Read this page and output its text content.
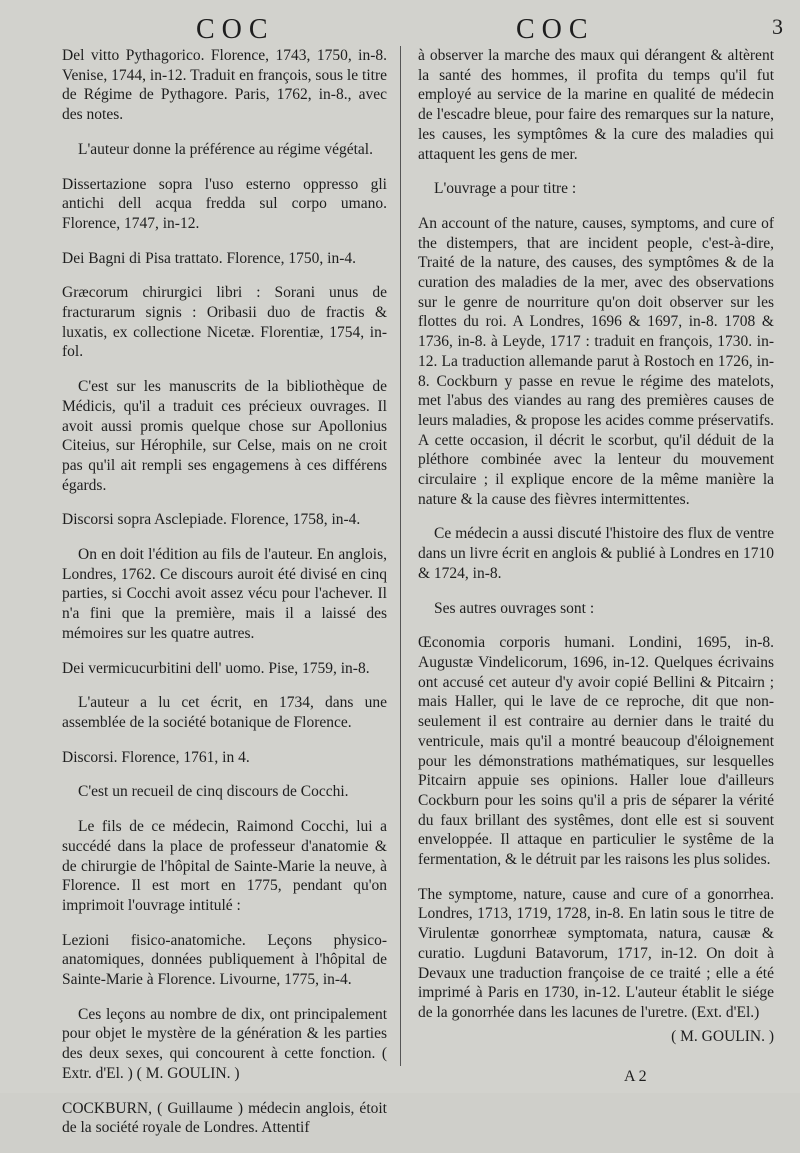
COC	COC	3

Del vitto Pythagorico. Florence, 1743, 1750, in-8. Venise, 1744, in-12. Traduit en françois, sous le titre de Régime de Pythagore. Paris, 1762, in-8., avec des notes.

L'auteur donne la préférence au régime végétal.

Dissertazione sopra l'uso esterno oppresso gli antichi dell acqua fredda sul corpo umano. Florence, 1747, in-12.

Dei Bagni di Pisa trattato. Florence, 1750, in-4.

Græcorum chirurgici libri : Sorani unus de fracturarum signis : Oribasii duo de fractis & luxatis, ex collectione Nicetæ. Florentiæ, 1754, in-fol.

C'est sur les manuscrits de la bibliothèque de Médicis, qu'il a traduit ces précieux ouvrages. Il avoit aussi promis quelque chose sur Apollonius Citeius, sur Hérophile, sur Celse, mais on ne croit pas qu'il ait rempli ses engagemens à ces différens égards.

Discorsi sopra Asclepiade. Florence, 1758, in-4.

On en doit l'édition au fils de l'auteur. En anglois, Londres, 1762. Ce discours auroit été divisé en cinq parties, si Cocchi avoit assez vécu pour l'achever. Il n'a fini que la première, mais il a laissé des mémoires sur les quatre autres.

Dei vermicucurbitini dell' uomo. Pise, 1759, in-8.

L'auteur a lu cet écrit, en 1734, dans une assemblée de la société botanique de Florence.

Discorsi. Florence, 1761, in 4.

C'est un recueil de cinq discours de Cocchi.

Le fils de ce médecin, Raimond Cocchi, lui a succédé dans la place de professeur d'anatomie & de chirurgie de l'hôpital de Sainte-Marie la neuve, à Florence. Il est mort en 1775, pendant qu'on imprimoit l'ouvrage intitulé :

Lezioni fisico-anatomiche. Leçons physico-anatomiques, données publiquement à l'hôpital de Sainte-Marie à Florence. Livourne, 1775, in-4.

Ces leçons au nombre de dix, ont principalement pour objet le mystère de la génération & les parties des deux sexes, qui concourent à cette fonction. ( Extr. d'El. ) ( M. GOULIN. )

COCKBURN, ( Guillaume ) médecin anglois, étoit de la société royale de Londres. Attentif

à observer la marche des maux qui dérangent & altèrent la santé des hommes, il profita du temps qu'il fut employé au service de la marine en qualité de médecin de l'escadre bleue, pour faire des remarques sur la nature, les causes, les symptômes & la cure des maladies qui attaquent les gens de mer.

L'ouvrage a pour titre :

An account of the nature, causes, symptoms, and cure of the distempers, that are incident people, c'est-à-dire, Traité de la nature, des causes, des symptômes & de la curation des maladies de la mer, avec des observations sur le genre de nourriture qu'on doit observer sur les flottes du roi. A Londres, 1696 & 1697, in-8. 1708 & 1736, in-8. à Leyde, 1717 : traduit en françois, 1730. in-12. La traduction allemande parut à Rostoch en 1726, in-8. Cockburn y passe en revue le régime des matelots, met l'abus des viandes au rang des premières causes de leurs maladies, & propose les acides comme préservatifs. A cette occasion, il décrit le scorbut, qu'il déduit de la pléthore combinée avec la lenteur du mouvement circulaire ; il explique encore de la même manière la nature & la cause des fièvres intermittentes.

Ce médecin a aussi discuté l'histoire des flux de ventre dans un livre écrit en anglois & publié à Londres en 1710 & 1724, in-8.

Ses autres ouvrages sont :

Œconomia corporis humani. Londini, 1695, in-8. Augustæ Vindelicorum, 1696, in-12. Quelques écrivains ont accusé cet auteur d'y avoir copié Bellini & Pitcairn ; mais Haller, qui le lave de ce reproche, dit que non-seulement il est contraire au dernier dans le traité du ventricule, mais qu'il a montré beaucoup d'éloignement pour les démonstrations mathématiques, sur lesquelles Pitcairn appuie ses opinions. Haller loue d'ailleurs Cockburn pour les soins qu'il a pris de séparer la vérité du faux brillant des systêmes, dont elle est si souvent enveloppée. Il attaque en particulier le systême de la fermentation, & le détruit par les raisons les plus solides.

The symptome, nature, cause and cure of a gonorrhea. Londres, 1713, 1719, 1728, in-8. En latin sous le titre de Virulentæ gonorrheæ symptomata, natura, causæ & curatio. Lugduni Batavorum, 1717, in-12. On doit à Devaux une traduction françoise de ce traité ; elle a été imprimé à Paris en 1730, in-12. L'auteur établit le siége de la gonorrhée dans les lacunes de l'uretre. (Ext. d'El.)

( M. GOULIN. )

A 2
